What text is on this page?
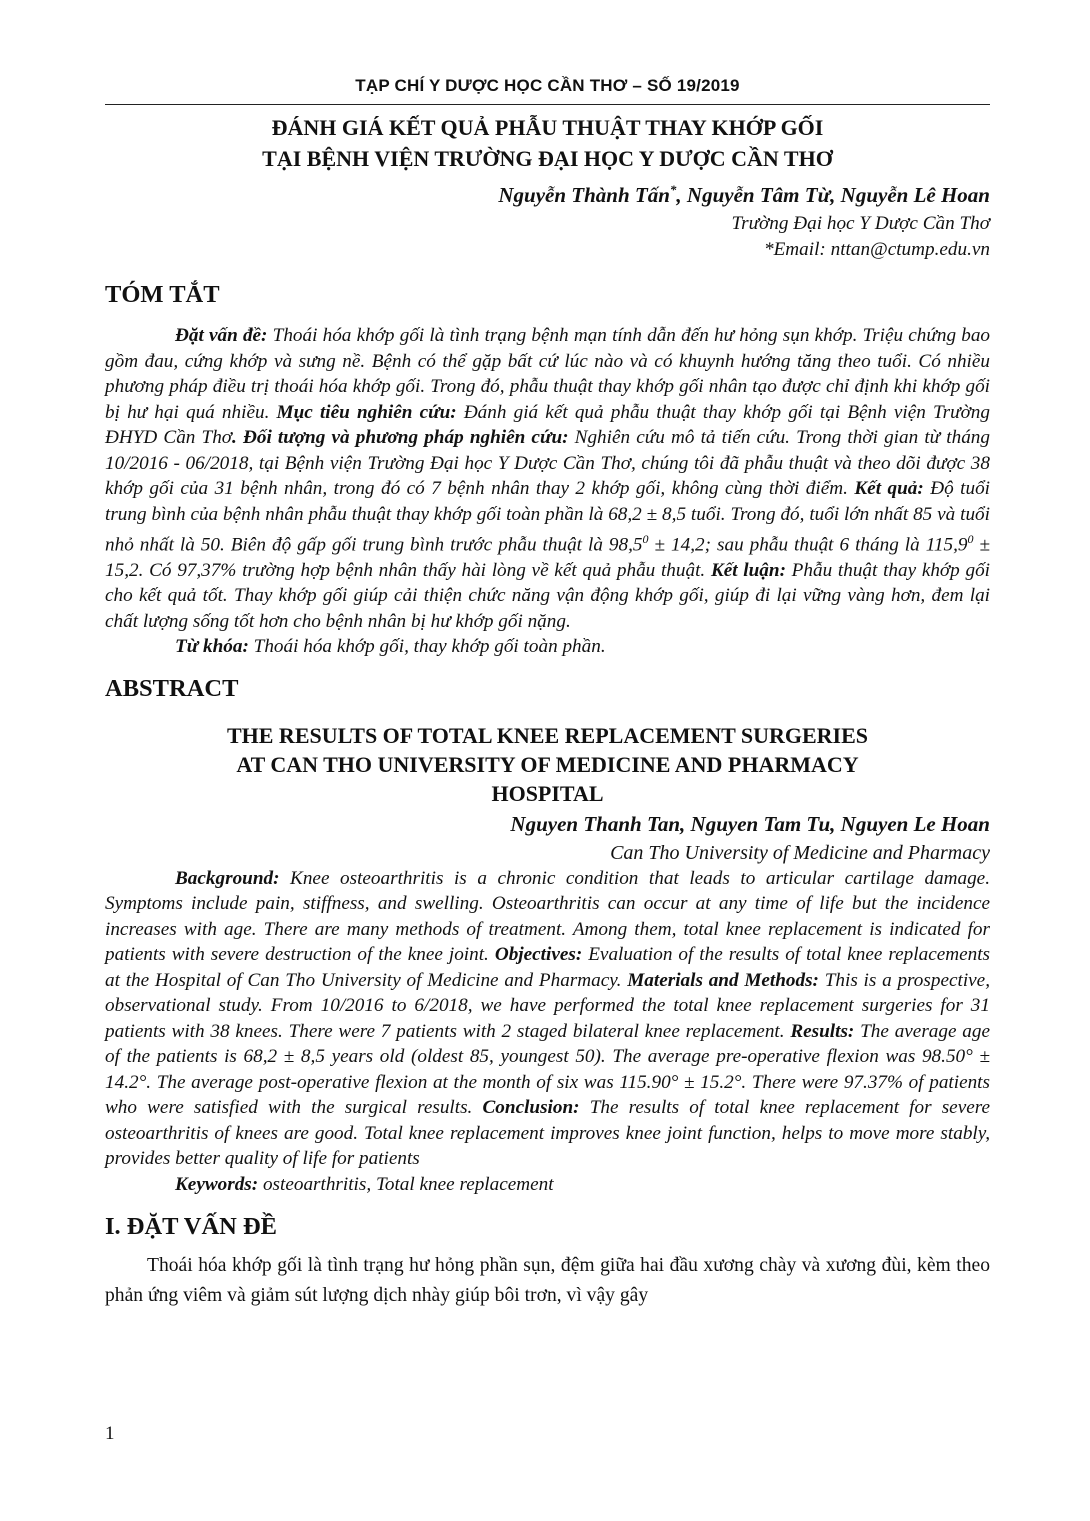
TẠP CHÍ Y DƯỢC HỌC CẦN THƠ – SỐ 19/2019
ĐÁNH GIÁ KẾT QUẢ PHẪU THUẬT THAY KHỚP GỐI
TẠI BỆNH VIỆN TRƯỜNG ĐẠI HỌC Y DƯỢC CẦN THƠ
Nguyễn Thành Tấn*, Nguyễn Tâm Từ, Nguyễn Lê Hoan
Trường Đại học Y Dược Cần Thơ
*Email: nttan@ctump.edu.vn
TÓM TẮT

Đặt vấn đề: Thoái hóa khớp gối là tình trạng bệnh mạn tính dẫn đến hư hỏng sụn khớp. Triệu chứng bao gồm đau, cứng khớp và sưng nề. Bệnh có thể gặp bất cứ lúc nào và có khuynh hướng tăng theo tuổi. Có nhiều phương pháp điều trị thoái hóa khớp gối. Trong đó, phẫu thuật thay khớp gối nhân tạo được chỉ định khi khớp gối bị hư hại quá nhiều. Mục tiêu nghiên cứu: Đánh giá kết quả phẫu thuật thay khớp gối tại Bệnh viện Trường ĐHYD Cần Thơ. Đối tượng và phương pháp nghiên cứu: Nghiên cứu mô tả tiến cứu. Trong thời gian từ tháng 10/2016 - 06/2018, tại Bệnh viện Trường Đại học Y Dược Cần Thơ, chúng tôi đã phẫu thuật và theo dõi được 38 khớp gối của 31 bệnh nhân, trong đó có 7 bệnh nhân thay 2 khớp gối, không cùng thời điểm. Kết quả: Độ tuổi trung bình của bệnh nhân phẫu thuật thay khớp gối toàn phần là 68,2 ± 8,5 tuổi. Trong đó, tuổi lớn nhất 85 và tuổi nhỏ nhất là 50. Biên độ gấp gối trung bình trước phẫu thuật là $98,5^0 \pm 14,2$; sau phẫu thuật 6 tháng là $115,9^0 \pm 15,2$. Có 97,37% trường hợp bệnh nhân thấy hài lòng về kết quả phẫu thuật. Kết luận: Phẫu thuật thay khớp gối cho kết quả tốt. Thay khớp gối giúp cải thiện chức năng vận động khớp gối, giúp đi lại vững vàng hơn, đem lại chất lượng sống tốt hơn cho bệnh nhân bị hư khớp gối nặng.

Từ khóa: Thoái hóa khớp gối, thay khớp gối toàn phần.
ABSTRACT
THE RESULTS OF TOTAL KNEE REPLACEMENT SURGERIES
AT CAN THO UNIVERSITY OF MEDICINE AND PHARMACY
HOSPITAL
Nguyen Thanh Tan, Nguyen Tam Tu, Nguyen Le Hoan
Can Tho University of Medicine and Pharmacy

Background: Knee osteoarthritis is a chronic condition that leads to articular cartilage damage. Symptoms include pain, stiffness, and swelling. Osteoarthritis can occur at any time of life but the incidence increases with age. There are many methods of treatment. Among them, total knee replacement is indicated for patients with severe destruction of the knee joint. Objectives: Evaluation of the results of total knee replacements at the Hospital of Can Tho University of Medicine and Pharmacy. Materials and Methods: This is a prospective, observational study. From 10/2016 to 6/2018, we have performed the total knee replacement surgeries for 31 patients with 38 knees. There were 7 patients with 2 staged bilateral knee replacement. Results: The average age of the patients is 68,2 ± 8,5 years old (oldest 85, youngest 50). The average pre-operative flexion was 98.50° ± 14.2°. The average post-operative flexion at the month of six was 115.90° ± 15.2°. There were 97.37% of patients who were satisfied with the surgical results. Conclusion: The results of total knee replacement for severe osteoarthritis of knees are good. Total knee replacement improves knee joint function, helps to move more stably, provides better quality of life for patients

Keywords: osteoarthritis, Total knee replacement
I. ĐẶT VẤN ĐỀ

Thoái hóa khớp gối là tình trạng hư hỏng phần sụn, đệm giữa hai đầu xương chày và xương đùi, kèm theo phản ứng viêm và giảm sút lượng dịch nhày giúp bôi trơn, vì vậy gây

1
